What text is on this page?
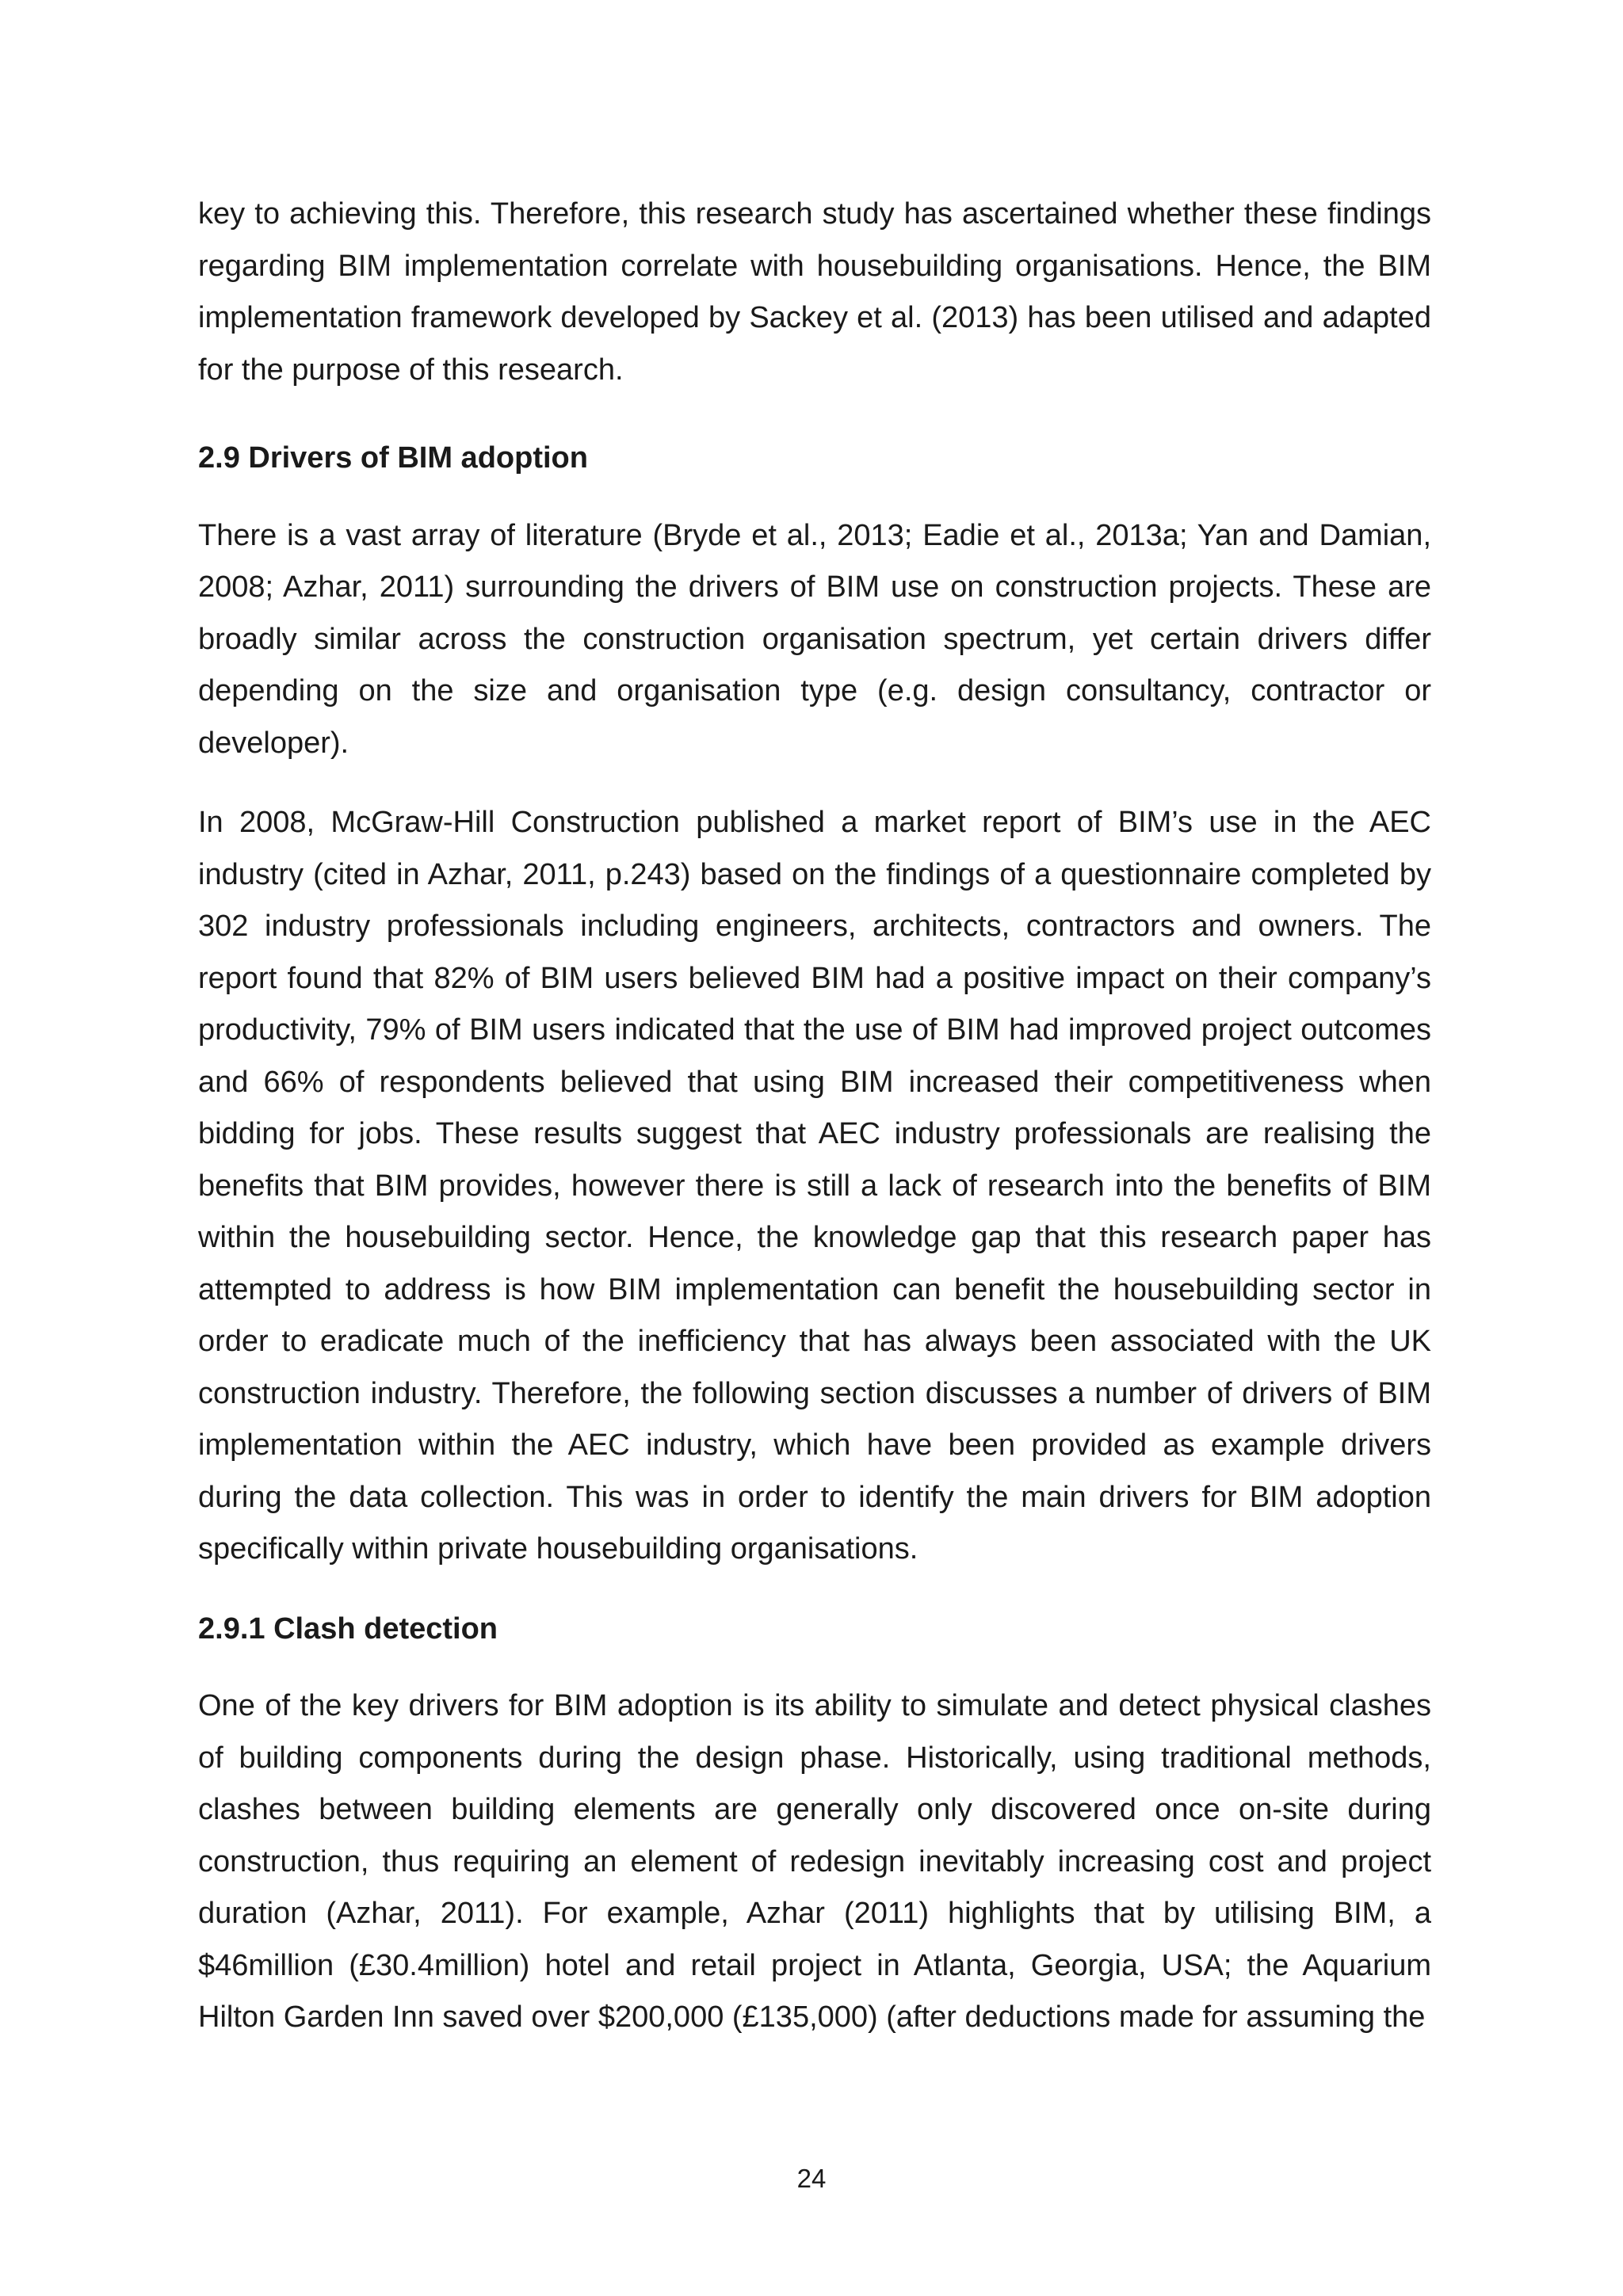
key to achieving this. Therefore, this research study has ascertained whether these findings regarding BIM implementation correlate with housebuilding organisations. Hence, the BIM implementation framework developed by Sackey et al. (2013) has been utilised and adapted for the purpose of this research.

2.9 Drivers of BIM adoption

There is a vast array of literature (Bryde et al., 2013; Eadie et al., 2013a; Yan and Damian, 2008; Azhar, 2011) surrounding the drivers of BIM use on construction projects. These are broadly similar across the construction organisation spectrum, yet certain drivers differ depending on the size and organisation type (e.g. design consultancy, contractor or developer).

In 2008, McGraw-Hill Construction published a market report of BIM’s use in the AEC industry (cited in Azhar, 2011, p.243) based on the findings of a questionnaire completed by 302 industry professionals including engineers, architects, contractors and owners. The report found that 82% of BIM users believed BIM had a positive impact on their company’s productivity, 79% of BIM users indicated that the use of BIM had improved project outcomes and 66% of respondents believed that using BIM increased their competitiveness when bidding for jobs. These results suggest that AEC industry professionals are realising the benefits that BIM provides, however there is still a lack of research into the benefits of BIM within the housebuilding sector. Hence, the knowledge gap that this research paper has attempted to address is how BIM implementation can benefit the housebuilding sector in order to eradicate much of the inefficiency that has always been associated with the UK construction industry. Therefore, the following section discusses a number of drivers of BIM implementation within the AEC industry, which have been provided as example drivers during the data collection. This was in order to identify the main drivers for BIM adoption specifically within private housebuilding organisations.

2.9.1 Clash detection

One of the key drivers for BIM adoption is its ability to simulate and detect physical clashes of building components during the design phase. Historically, using traditional methods, clashes between building elements are generally only discovered once on-site during construction, thus requiring an element of redesign inevitably increasing cost and project duration (Azhar, 2011). For example, Azhar (2011) highlights that by utilising BIM, a $46million (£30.4million) hotel and retail project in Atlanta, Georgia, USA; the Aquarium Hilton Garden Inn saved over $200,000 (£135,000) (after deductions made for assuming the

24
